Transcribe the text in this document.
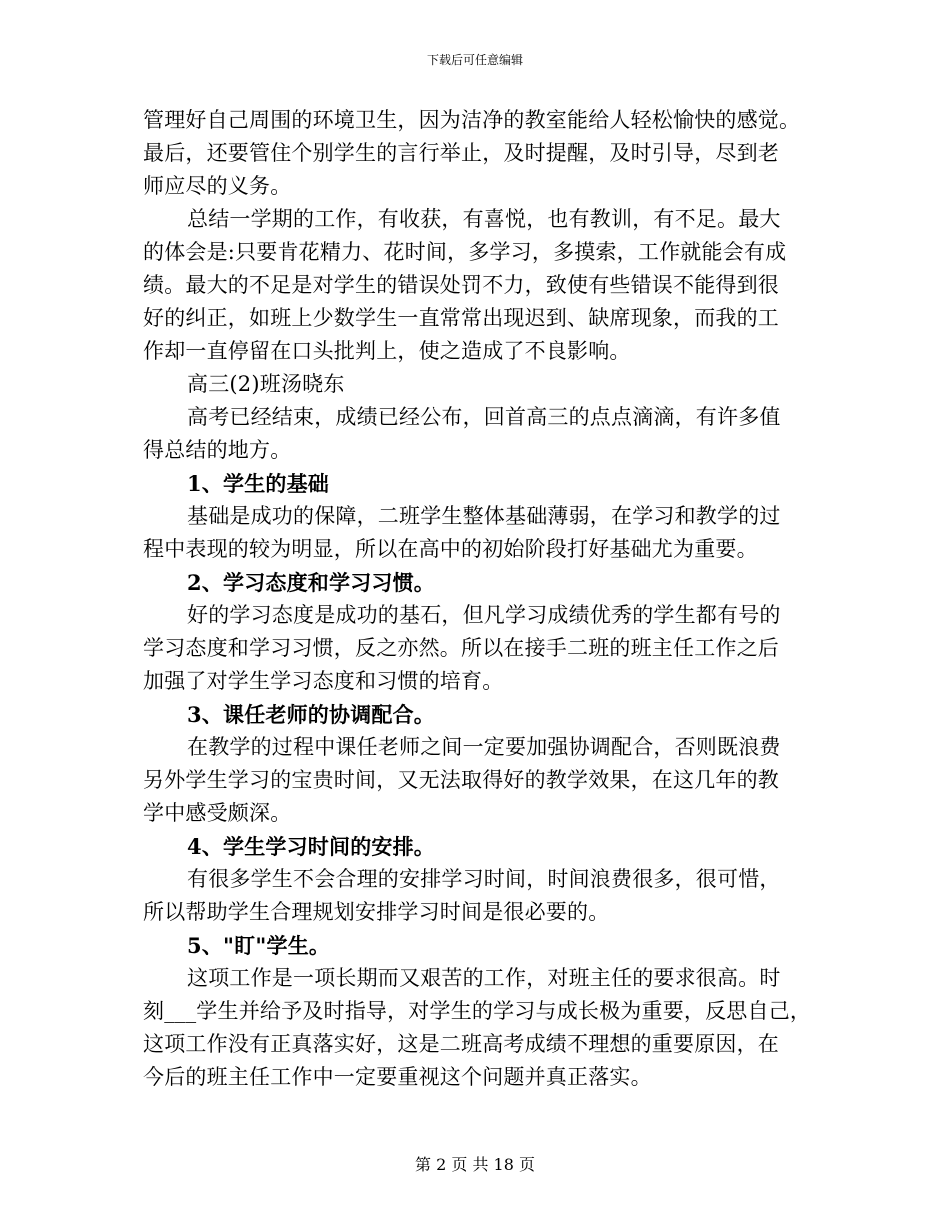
下载后可任意编辑
管理好自己周围的环境卫生，因为洁净的教室能给人轻松愉快的感觉。
最后，还要管住个别学生的言行举止，及时提醒，及时引导，尽到老
师应尽的义务。
总结一学期的工作，有收获，有喜悦，也有教训，有不足。最大
的体会是:只要肯花精力、花时间，多学习，多摸索，工作就能会有成
绩。最大的不足是对学生的错误处罚不力，致使有些错误不能得到很
好的纠正，如班上少数学生一直常常出现迟到、缺席现象，而我的工
作却一直停留在口头批判上，使之造成了不良影响。
高三(2)班汤晓东
高考已经结束，成绩已经公布，回首高三的点点滴滴，有许多值
得总结的地方。
1、学生的基础
基础是成功的保障，二班学生整体基础薄弱，在学习和教学的过
程中表现的较为明显，所以在高中的初始阶段打好基础尤为重要。
2、学习态度和学习习惯。
好的学习态度是成功的基石，但凡学习成绩优秀的学生都有号的
学习态度和学习习惯，反之亦然。所以在接手二班的班主任工作之后
加强了对学生学习态度和习惯的培育。
3、课任老师的协调配合。
在教学的过程中课任老师之间一定要加强协调配合，否则既浪费
另外学生学习的宝贵时间，又无法取得好的教学效果，在这几年的教
学中感受颇深。
4、学生学习时间的安排。
有很多学生不会合理的安排学习时间，时间浪费很多，很可惜，
所以帮助学生合理规划安排学习时间是很必要的。
5、"盯"学生。
这项工作是一项长期而又艰苦的工作，对班主任的要求很高。时
刻___学生并给予及时指导，对学生的学习与成长极为重要，反思自己，
这项工作没有正真落实好，这是二班高考成绩不理想的重要原因，在
今后的班主任工作中一定要重视这个问题并真正落实。
第 2 页 共 18 页
